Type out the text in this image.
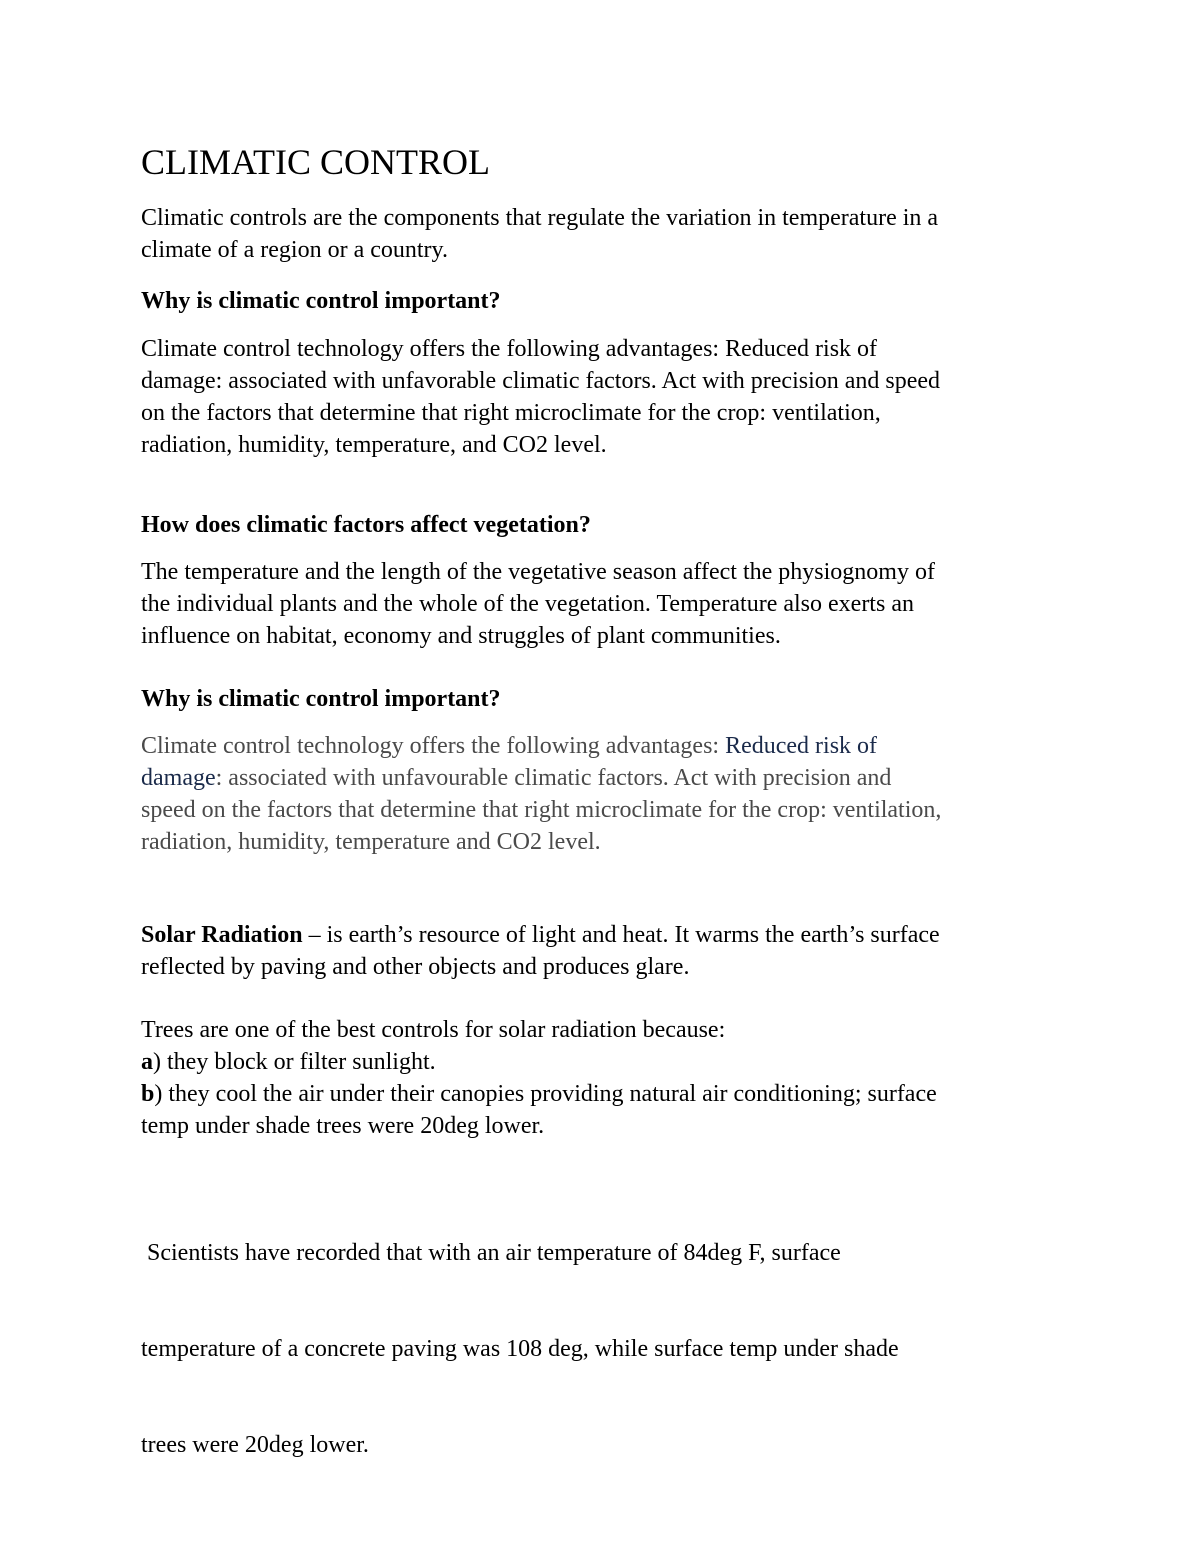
CLIMATIC CONTROL

Climatic controls are the components that regulate the variation in temperature in a
climate of a region or a country.

Why is climatic control important?

Climate control technology offers the following advantages: Reduced risk of
damage: associated with unfavorable climatic factors. Act with precision and speed
on the factors that determine that right microclimate for the crop: ventilation,
radiation, humidity, temperature, and CO2 level.

How does climatic factors affect vegetation?

The temperature and the length of the vegetative season affect the physiognomy of
the individual plants and the whole of the vegetation. Temperature also exerts an
influence on habitat, economy and struggles of plant communities.

Why is climatic control important?

Climate control technology offers the following advantages: Reduced risk of
damage: associated with unfavourable climatic factors. Act with precision and
speed on the factors that determine that right microclimate for the crop: ventilation,
radiation, humidity, temperature and CO2 level.

Solar Radiation – is earth’s resource of light and heat. It warms the earth’s surface
reflected by paving and other objects and produces glare.

Trees are one of the best controls for solar radiation because:
a) they block or filter sunlight.
b) they cool the air under their canopies providing natural air conditioning; surface
temp under shade trees were 20deg lower.

Scientists have recorded that with an air temperature of 84deg F, surface

temperature of a concrete paving was 108 deg, while surface temp under shade

trees were 20deg lower.
